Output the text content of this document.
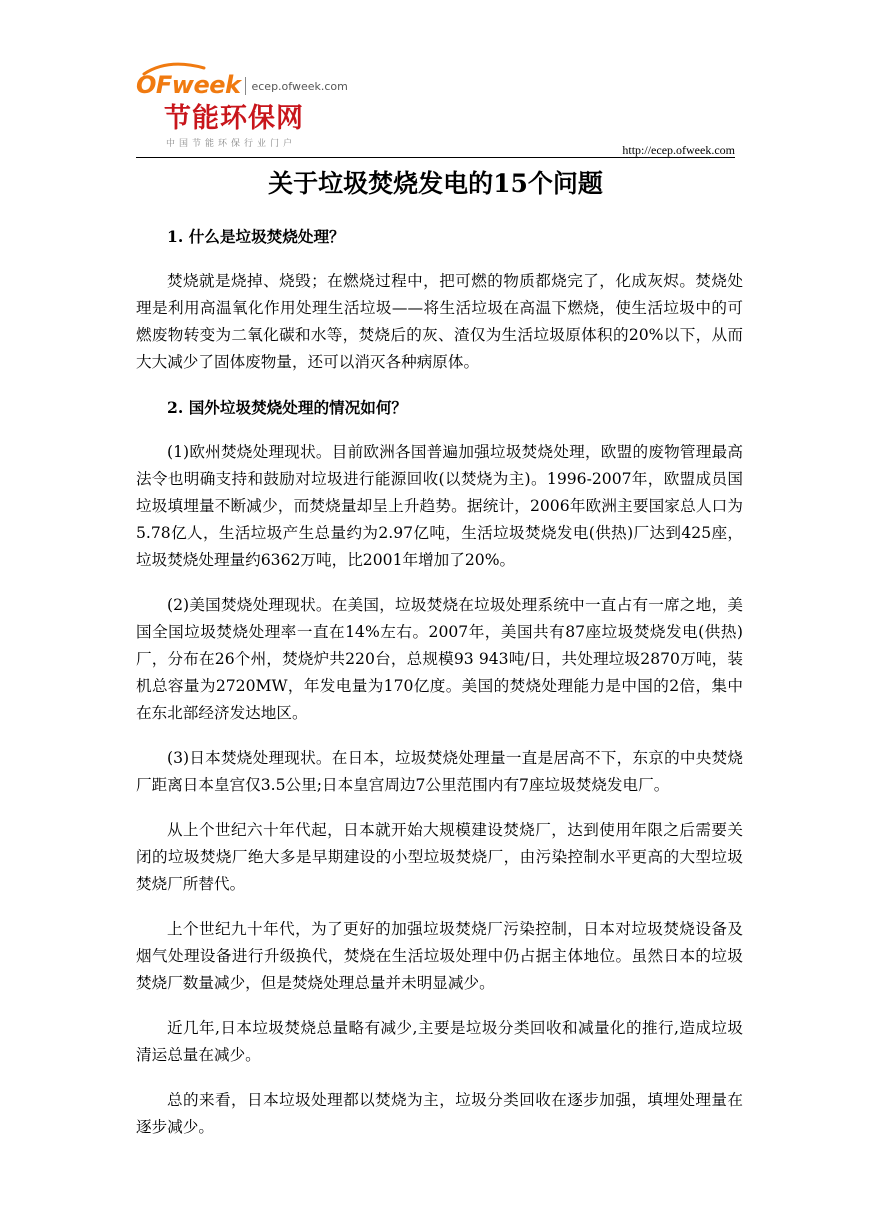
OFweek ecep.ofweek.com
节能环保网
中国节能环保行业门户	http://ecep.ofweek.com
关于垃圾焚烧发电的15个问题

1. 什么是垃圾焚烧处理？

焚烧就是烧掉、烧毁；在燃烧过程中，把可燃的物质都烧完了，化成灰烬。焚烧处理是利用高温氧化作用处理生活垃圾——将生活垃圾在高温下燃烧，使生活垃圾中的可燃废物转变为二氧化碳和水等，焚烧后的灰、渣仅为生活垃圾原体积的20%以下，从而大大减少了固体废物量，还可以消灭各种病原体。

2. 国外垃圾焚烧处理的情况如何？

(1)欧州焚烧处理现状。目前欧洲各国普遍加强垃圾焚烧处理，欧盟的废物管理最高法令也明确支持和鼓励对垃圾进行能源回收(以焚烧为主)。1996-2007年，欧盟成员国垃圾填埋量不断减少，而焚烧量却呈上升趋势。据统计，2006年欧洲主要国家总人口为5.78亿人，生活垃圾产生总量约为2.97亿吨，生活垃圾焚烧发电(供热)厂达到425座，垃圾焚烧处理量约6362万吨，比2001年增加了20%。

(2)美国焚烧处理现状。在美国，垃圾焚烧在垃圾处理系统中一直占有一席之地，美国全国垃圾焚烧处理率一直在14%左右。2007年，美国共有87座垃圾焚烧发电(供热)厂，分布在26个州，焚烧炉共220台，总规模93 943吨/日，共处理垃圾2870万吨，装机总容量为2720MW，年发电量为170亿度。美国的焚烧处理能力是中国的2倍，集中在东北部经济发达地区。

(3)日本焚烧处理现状。在日本，垃圾焚烧处理量一直是居高不下，东京的中央焚烧厂距离日本皇宫仅3.5公里;日本皇宫周边7公里范围内有7座垃圾焚烧发电厂。

从上个世纪六十年代起，日本就开始大规模建设焚烧厂，达到使用年限之后需要关闭的垃圾焚烧厂绝大多是早期建设的小型垃圾焚烧厂，由污染控制水平更高的大型垃圾焚烧厂所替代。

上个世纪九十年代，为了更好的加强垃圾焚烧厂污染控制，日本对垃圾焚烧设备及烟气处理设备进行升级换代，焚烧在生活垃圾处理中仍占据主体地位。虽然日本的垃圾焚烧厂数量减少，但是焚烧处理总量并未明显减少。

近几年,日本垃圾焚烧总量略有减少,主要是垃圾分类回收和减量化的推行,造成垃圾清运总量在减少。

总的来看，日本垃圾处理都以焚烧为主，垃圾分类回收在逐步加强，填埋处理量在逐步减少。
